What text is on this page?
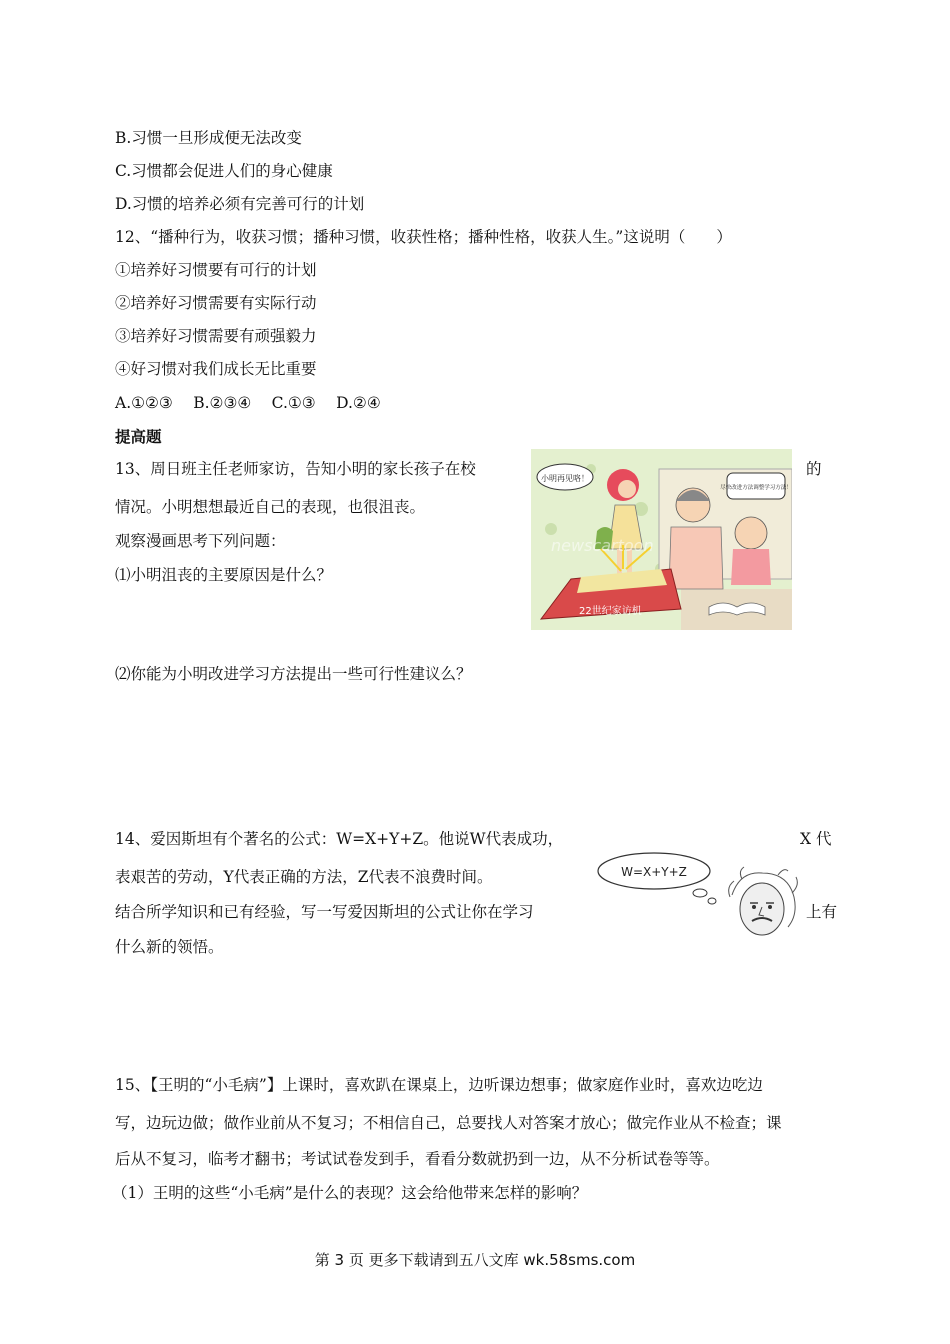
B.习惯一旦形成便无法改变
C.习惯都会促进人们的身心健康
D.习惯的培养必须有完善可行的计划
12、“播种行为，收获习惯；播种习惯，收获性格；播种性格，收获人生。”这说明（　　）
①培养好习惯要有可行的计划
②培养好习惯需要有实际行动
③培养好习惯需要有顽强毅力
④好习惯对我们成长无比重要
A.①②③　 B.②③④　 C.①③　 D.②④
提高题
13、周日班主任老师家访，告知小明的家长孩子在校	的
情况。小明想想最近自己的表现，也很沮丧。
观察漫画思考下列问题：
⑴小明沮丧的主要原因是什么？
⑵你能为小明改进学习方法提出一些可行性建议么？
小明再见咯！
尽快改进方法调整学习方法！
22世纪家访机
newscartoon
14、爱因斯坦有个著名的公式：W=X+Y+Z。他说W代表成功，	X 代
表艰苦的劳动，Y代表正确的方法，Z代表不浪费时间。
结合所学知识和已有经验，写一写爱因斯坦的公式让你在学习	上有
什么新的领悟。
W=X+Y+Z
15、【王明的“小毛病”】上课时，喜欢趴在课桌上，边听课边想事；做家庭作业时，喜欢边吃边
写，边玩边做；做作业前从不复习；不相信自己，总要找人对答案才放心；做完作业从不检查；课
后从不复习，临考才翻书；考试试卷发到手，看看分数就扔到一边，从不分析试卷等等。
（1）王明的这些“小毛病”是什么的表现？这会给他带来怎样的影响？
第 3 页 更多下载请到五八文库 wk.58sms.com
